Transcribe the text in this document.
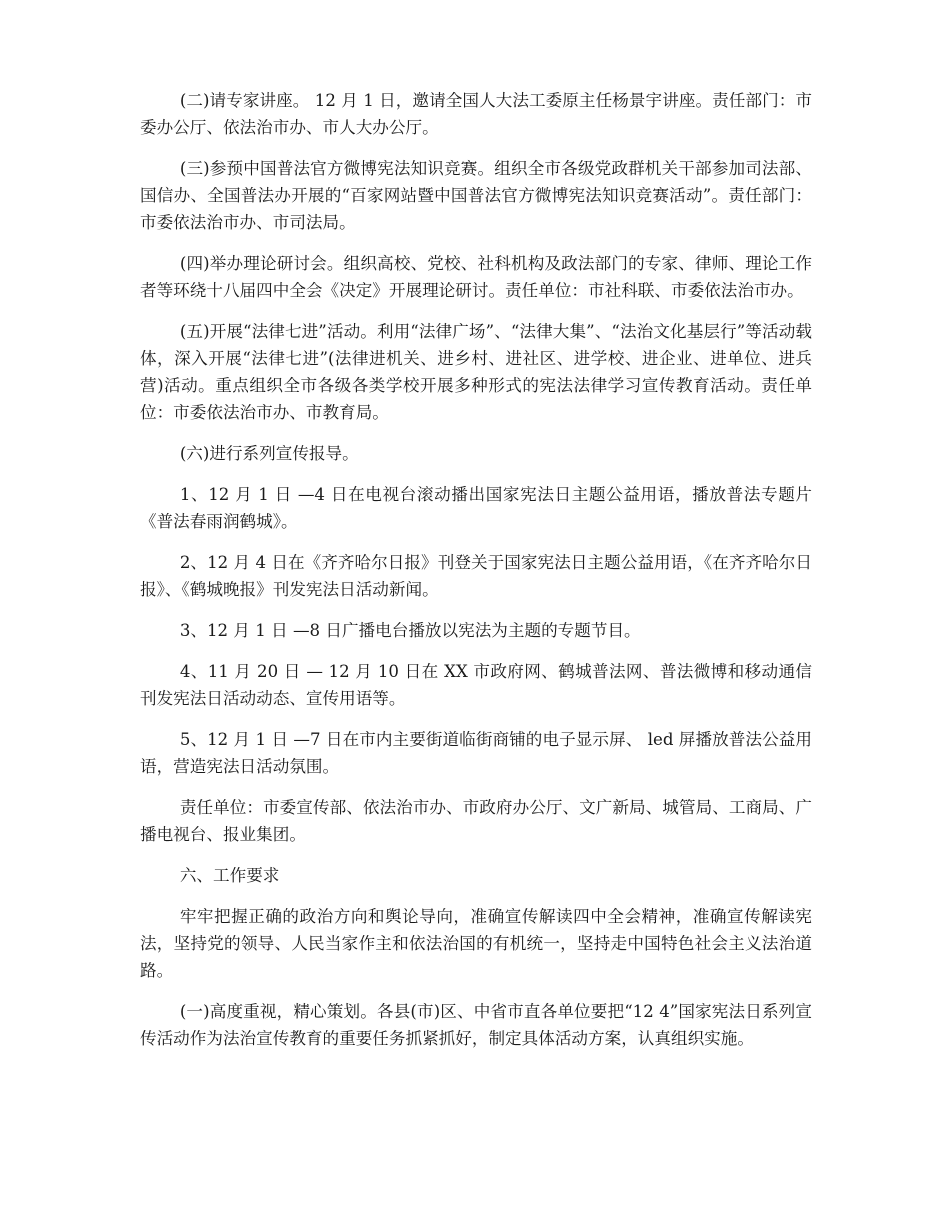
(二)请专家讲座。 12 月 1 日，邀请全国人大法工委原主任杨景宇讲座。责任部门：市委办公厅、依法治市办、市人大办公厅。

(三)参预中国普法官方微博宪法知识竞赛。组织全市各级党政群机关干部参加司法部、国信办、全国普法办开展的“百家网站暨中国普法官方微博宪法知识竞赛活动”。责任部门：市委依法治市办、市司法局。

(四)举办理论研讨会。组织高校、党校、社科机构及政法部门的专家、律师、理论工作者等环绕十八届四中全会《决定》开展理论研讨。责任单位：市社科联、市委依法治市办。

(五)开展“法律七进”活动。利用“法律广场”、“法律大集”、“法治文化基层行”等活动载体，深入开展“法律七进”(法律进机关、进乡村、进社区、进学校、进企业、进单位、进兵营)活动。重点组织全市各级各类学校开展多种形式的宪法法律学习宣传教育活动。责任单位：市委依法治市办、市教育局。

(六)进行系列宣传报导。

1、12 月 1 日 —4 日在电视台滚动播出国家宪法日主题公益用语，播放普法专题片《普法春雨润鹤城》。

2、12 月 4 日在《齐齐哈尔日报》刊登关于国家宪法日主题公益用语，《在齐齐哈尔日报》、《鹤城晚报》刊发宪法日活动新闻。

3、12 月 1 日 —8 日广播电台播放以宪法为主题的专题节目。

4、11 月 20 日 — 12 月 10 日在 XX 市政府网、鹤城普法网、普法微博和移动通信刊发宪法日活动动态、宣传用语等。

5、12 月 1 日 —7 日在市内主要街道临街商铺的电子显示屏、 led 屏播放普法公益用语，营造宪法日活动氛围。

责任单位：市委宣传部、依法治市办、市政府办公厅、文广新局、城管局、工商局、广播电视台、报业集团。

六、工作要求

牢牢把握正确的政治方向和舆论导向，准确宣传解读四中全会精神，准确宣传解读宪法，坚持党的领导、人民当家作主和依法治国的有机统一，坚持走中国特色社会主义法治道路。

(一)高度重视，精心策划。各县(市)区、中省市直各单位要把“12 4”国家宪法日系列宣传活动作为法治宣传教育的重要任务抓紧抓好，制定具体活动方案，认真组织实施。
